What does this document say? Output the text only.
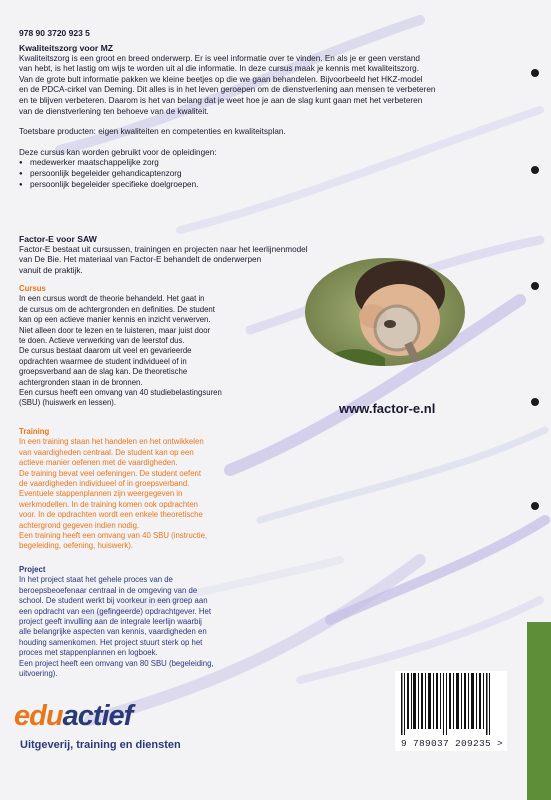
978 90 3720 923 5

Kwaliteitszorg voor MZ

Kwaliteitszorg is een groot en breed onderwerp. Er is veel informatie over te vinden. En als je er geen verstand

van hebt, is het lastig om wijs te worden uit al die informatie. In deze cursus maak je kennis met kwaliteitszorg.

Van de grote bult informatie pakken we kleine beetjes op die we gaan behandelen. Bijvoorbeeld het HKZ-model

en de PDCA-cirkel van Deming. Dit alles is in het leven geroepen om de dienstverlening aan mensen te verbeteren

en te blijven verbeteren. Daarom is het van belang dat je weet hoe je aan de slag kunt gaan met het verbeteren

van de dienstverlening ten behoeve van de kwaliteit.

Toetsbare producten: eigen kwaliteiten en competenties en kwaliteitsplan.

Deze cursus kan worden gebruikt voor de opleidingen:

● medewerker maatschappelijke zorg
● persoonlijk begeleider gehandicaptenzorg
● persoonlijk begeleider specifieke doelgroepen.

Factor-E voor SAW

Factor-E bestaat uit cursussen, trainingen en projecten naar het leerlijnenmodel

van De Bie. Het materiaal van Factor-E behandelt de onderwerpen

vanuit de praktijk.

Cursus

In een cursus wordt de theorie behandeld. Het gaat in

de cursus om de achtergronden en definities. De student

kan op een actieve manier kennis en inzicht verwerven.

Niet alleen door te lezen en te luisteren, maar juist door

te doen. Actieve verwerking van de leerstof dus.

De cursus bestaat daarom uit veel en gevarieerde

opdrachten waarmee de student individueel of in

groepsverband aan de slag kan. De theoretische

achtergronden staan in de bronnen.

Een cursus heeft een omvang van 40 studiebelastingsuren

(SBU) (huiswerk en lessen).	www.factor-e.nl

Training

In een training staan het handelen en het ontwikkelen

van vaardigheden centraal. De student kan op een

actieve manier oefenen met de vaardigheden.

De training bevat veel oefeningen. De student oefent

de vaardigheden individueel of in groepsverband.

Eventuele stappenplannen zijn weergegeven in

werkmodellen. In de training komen ook opdrachten

voor. In de opdrachten wordt een enkele theoretische

achtergrond gegeven indien nodig.

Een training heeft een omvang van 40 SBU (instructie,

begeleiding, oefening, huiswerk).

Project

In het project staat het gehele proces van de

beroepsbeoefenaar centraal in de omgeving van de

school. De student werkt bij voorkeur in een groep aan

een opdracht van een (gefingeerde) opdrachtgever. Het

project geeft invulling aan de integrale leerlijn waarbij

alle belangrijke aspecten van kennis, vaardigheden en

houding samenkomen. Het project stuurt sterk op het

proces met stappenplannen en logboek.

Een project heeft een omvang van 80 SBU (begeleiding,

uitvoering).

eduactief
Uitgeverij, training en diensten	9 789037 209235 >
